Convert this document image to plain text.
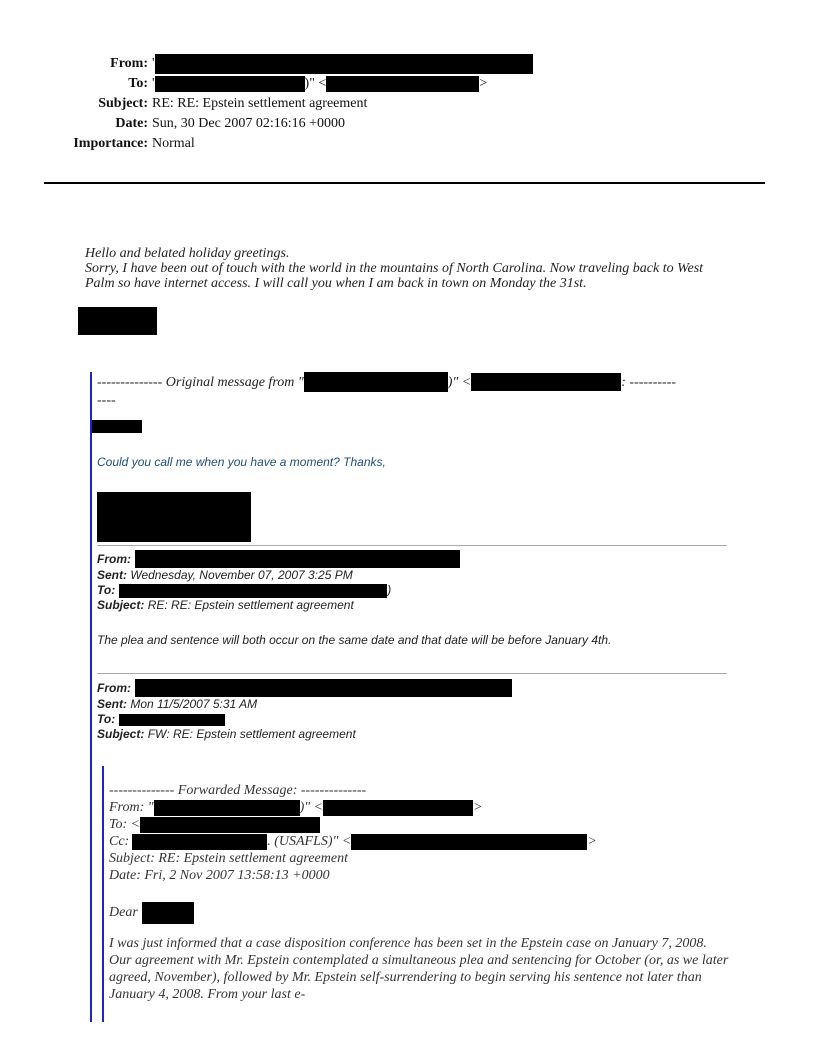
From: '
To: '	)" <	>
Subject: RE: RE: Epstein settlement agreement
Date: Sun, 30 Dec 2007 02:16:16 +0000
Importance: Normal

Hello and belated holiday greetings.

Sorry, I have been out of touch with the world in the mountains of North Carolina. Now traveling back to West Palm so have internet access. I will call you when I am back in town on Monday the 31st.

-------------- Original message from "	)" <	: ----------
----
Could you call me when you have a moment? Thanks,
From:
Sent: Wednesday, November 07, 2007 3:25 PM
To:	)
Subject: RE: RE: Epstein settlement agreement
The plea and sentence will both occur on the same date and that date will be before January 4th.
From:
Sent: Mon 11/5/2007 5:31 AM
To:
Subject: FW: RE: Epstein settlement agreement
-------------- Forwarded Message: --------------
From: "	)" <	>
To: <
Cc:	. (USAFLS)" <	>
Subject: RE: Epstein settlement agreement
Date: Fri, 2 Nov 2007 13:58:13 +0000
Dear

I was just informed that a case disposition conference has been set in the Epstein case on January 7, 2008. Our agreement with Mr. Epstein contemplated a simultaneous plea and sentencing for October (or, as we later agreed, November), followed by Mr. Epstein self-surrendering to begin serving his sentence not later than January 4, 2008. From your last e-
